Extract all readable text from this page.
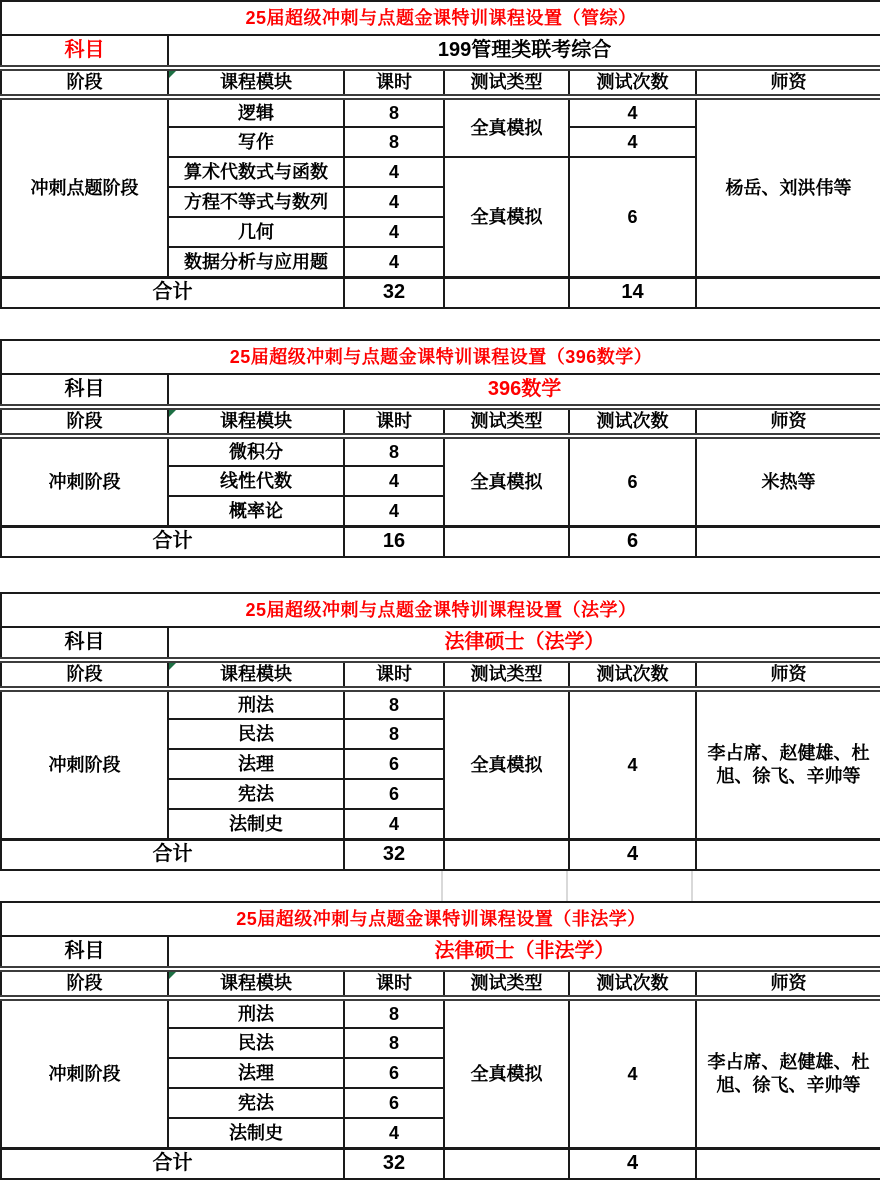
25届超级冲刺与点题金课特训课程设置（管综）					
科目	199管理类联考综合				
阶段	课程模块	课时	测试类型	测试次数	师资
冲刺点题阶段	逻辑	8	全真模拟	4	杨岳、刘洪伟等
	写作	8		4	
	算术代数式与函数	4	全真模拟	6	
	方程不等式与数列	4			
	几何	4			
	数据分析与应用题	4			
合计		32		14	
25届超级冲刺与点题金课特训课程设置（396数学）					
科目	396数学				
阶段	课程模块	课时	测试类型	测试次数	师资
冲刺阶段	微积分	8	全真模拟	6	米热等
	线性代数	4			
	概率论	4			
合计		16		6	
25届超级冲刺与点题金课特训课程设置（法学）					
科目	法律硕士（法学）				
阶段	课程模块	课时	测试类型	测试次数	师资
冲刺阶段	刑法	8	全真模拟	4	李占席、赵健雄、杜旭、徐飞、辛帅等
	民法	8			
	法理	6			
	宪法	6			
	法制史	4			
合计		32		4	
25届超级冲刺与点题金课特训课程设置（非法学）					
科目	法律硕士（非法学）				
阶段	课程模块	课时	测试类型	测试次数	师资
冲刺阶段	刑法	8	全真模拟	4	李占席、赵健雄、杜旭、徐飞、辛帅等
	民法	8			
	法理	6			
	宪法	6			
	法制史	4			
合计		32		4	
